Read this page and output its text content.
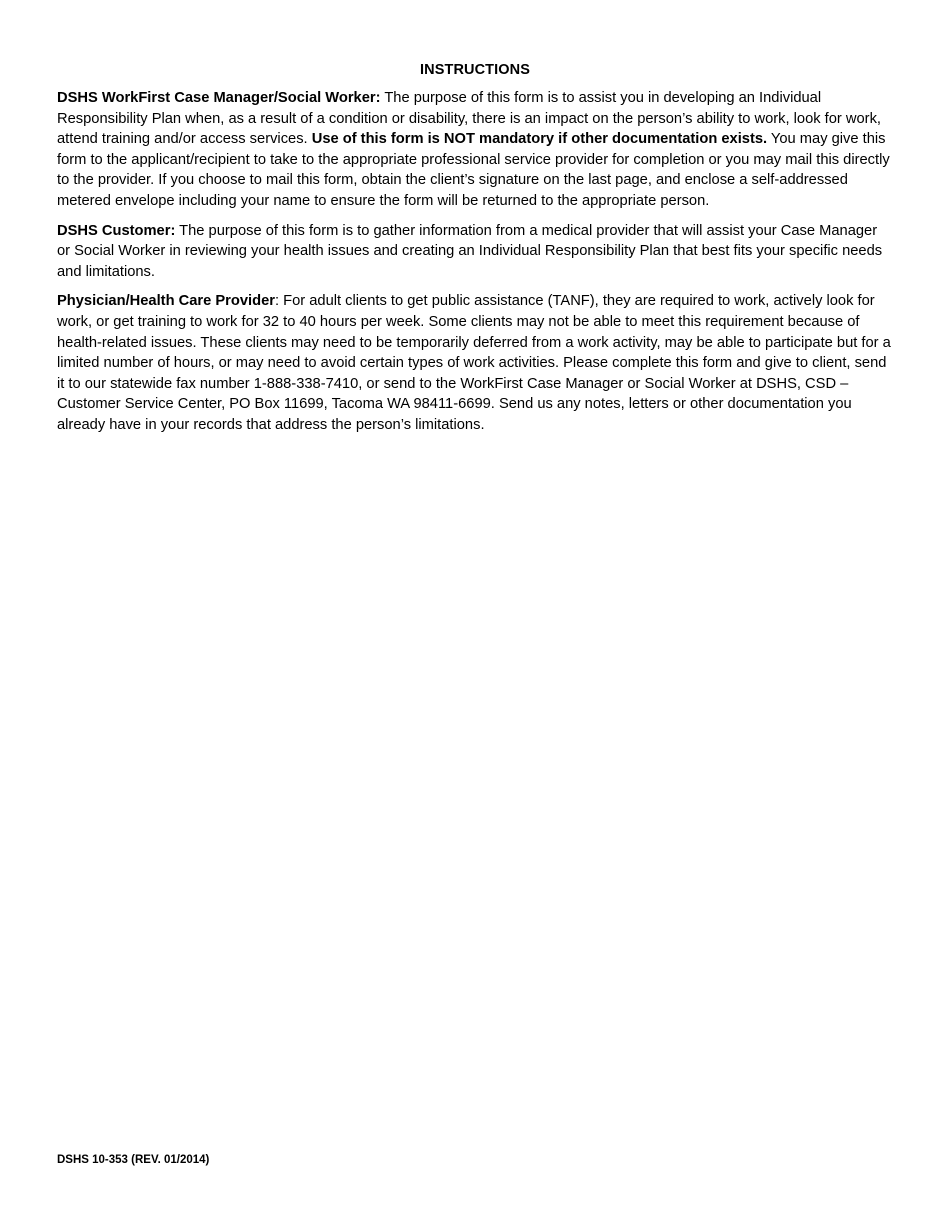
INSTRUCTIONS

DSHS WorkFirst Case Manager/Social Worker: The purpose of this form is to assist you in developing an Individual Responsibility Plan when, as a result of a condition or disability, there is an impact on the person’s ability to work, look for work, attend training and/or access services. Use of this form is NOT mandatory if other documentation exists. You may give this form to the applicant/recipient to take to the appropriate professional service provider for completion or you may mail this directly to the provider. If you choose to mail this form, obtain the client’s signature on the last page, and enclose a self-addressed metered envelope including your name to ensure the form will be returned to the appropriate person.

DSHS Customer: The purpose of this form is to gather information from a medical provider that will assist your Case Manager or Social Worker in reviewing your health issues and creating an Individual Responsibility Plan that best fits your specific needs and limitations.

Physician/Health Care Provider: For adult clients to get public assistance (TANF), they are required to work, actively look for work, or get training to work for 32 to 40 hours per week. Some clients may not be able to meet this requirement because of health-related issues. These clients may need to be temporarily deferred from a work activity, may be able to participate but for a limited number of hours, or may need to avoid certain types of work activities. Please complete this form and give to client, send it to our statewide fax number 1-888-338-7410, or send to the WorkFirst Case Manager or Social Worker at DSHS, CSD – Customer Service Center, PO Box 11699, Tacoma WA 98411-6699. Send us any notes, letters or other documentation you already have in your records that address the person’s limitations.

DSHS 10-353 (REV. 01/2014)
